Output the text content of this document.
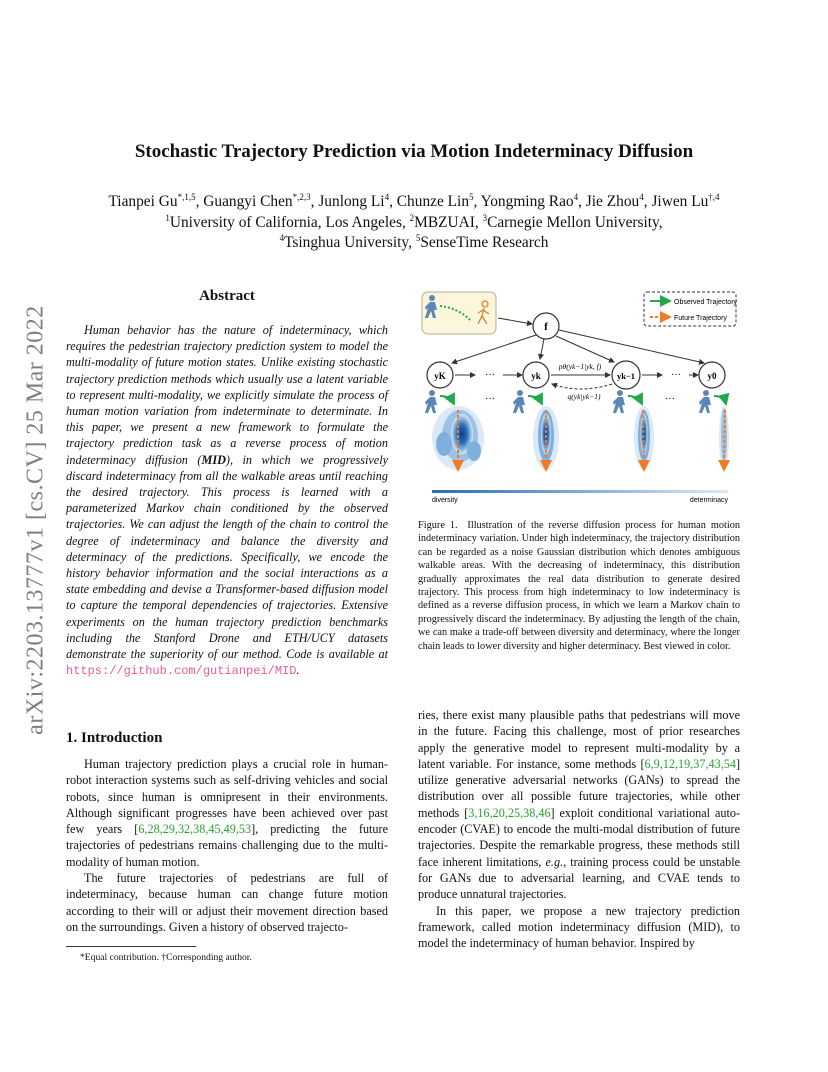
arXiv:2203.13777v1 [cs.CV] 25 Mar 2022
Stochastic Trajectory Prediction via Motion Indeterminacy Diffusion
Tianpei $Gu^{*,1,5}$, Guangyi Chen$^{*,2,3}$, Junlong Li$^4$, Chunze Lin$^5$, Yongming Rao$^4$, Jie Zhou$^4$, Jiwen $Lu^{\dagger,4}$
$^1$University of California, Los Angeles, $^2$MBZUAI, $^3$Carnegie Mellon University,
$^4$Tsinghua University, $^5$SenseTime Research
Abstract
Human behavior has the nature of indeterminacy, which requires the pedestrian trajectory prediction system to model the multi-modality of future motion states. Unlike existing stochastic trajectory prediction methods which usually use a latent variable to represent multi-modality, we explicitly simulate the process of human motion variation from indeterminate to determinate. In this paper, we present a new framework to formulate the trajectory prediction task as a reverse process of motion indeterminacy diffusion (MID), in which we progressively discard indeterminacy from all the walkable areas until reaching the desired trajectory. This process is learned with a parameterized Markov chain conditioned by the observed trajectories. We can adjust the length of the chain to control the degree of indeterminacy and balance the diversity and determinacy of the predictions. Specifically, we encode the history behavior information and the social interactions as a state embedding and devise a Transformer-based diffusion model to capture the temporal dependencies of trajectories. Extensive experiments on the human trajectory prediction benchmarks including the Stanford Drone and ETH/UCY datasets demonstrate the superiority of our method. Code is available at https://github.com/gutianpei/MID.
1. Introduction

Human trajectory prediction plays a crucial role in human-robot interaction systems such as self-driving vehicles and social robots, since human is omnipresent in their environments. Although significant progresses have been achieved over past few years [6,28,29,32,38,45,49,53], predicting the future trajectories of pedestrians remains challenging due to the multi-modality of human motion.

The future trajectories of pedestrians are full of indeterminacy, because human can change future motion according to their will or adjust their movement direction based on the surroundings. Given a history of observed trajecto-

*Equal contribution. †Corresponding author.
Observed Trajectory
Future Trajectory
f
yK	···	yk
pθ(yk−1|yk, f)
q(yk|yk−1)
yk−1	···	y0
···	···
diversity	determinacy
Figure 1. Illustration of the reverse diffusion process for human motion indeterminacy variation. Under high indeterminacy, the trajectory distribution can be regarded as a noise Gaussian distribution which denotes ambiguous walkable areas. With the decreasing of indeterminacy, this distribution gradually approximates the real data distribution to generate desired trajectory. This process from high indeterminacy to low indeterminacy is defined as a reverse diffusion process, in which we learn a Markov chain to progressively discard the indeterminacy. By adjusting the length of the chain, we can make a trade-off between diversity and determinacy, where the longer chain leads to lower diversity and higher determinacy. Best viewed in color.

ries, there exist many plausible paths that pedestrians will move in the future. Facing this challenge, most of prior researches apply the generative model to represent multi-modality by a latent variable. For instance, some methods [6,9,12,19,37,43,54] utilize generative adversarial networks (GANs) to spread the distribution over all possible future trajectories, while other methods [3,16,20,25,38,46] exploit conditional variational auto-encoder (CVAE) to encode the multi-modal distribution of future trajectories. Despite the remarkable progress, these methods still face inherent limitations, e.g., training process could be unstable for GANs due to adversarial learning, and CVAE tends to produce unnatural trajectories.

In this paper, we propose a new trajectory prediction framework, called motion indeterminacy diffusion (MID), to model the indeterminacy of human behavior. Inspired by
